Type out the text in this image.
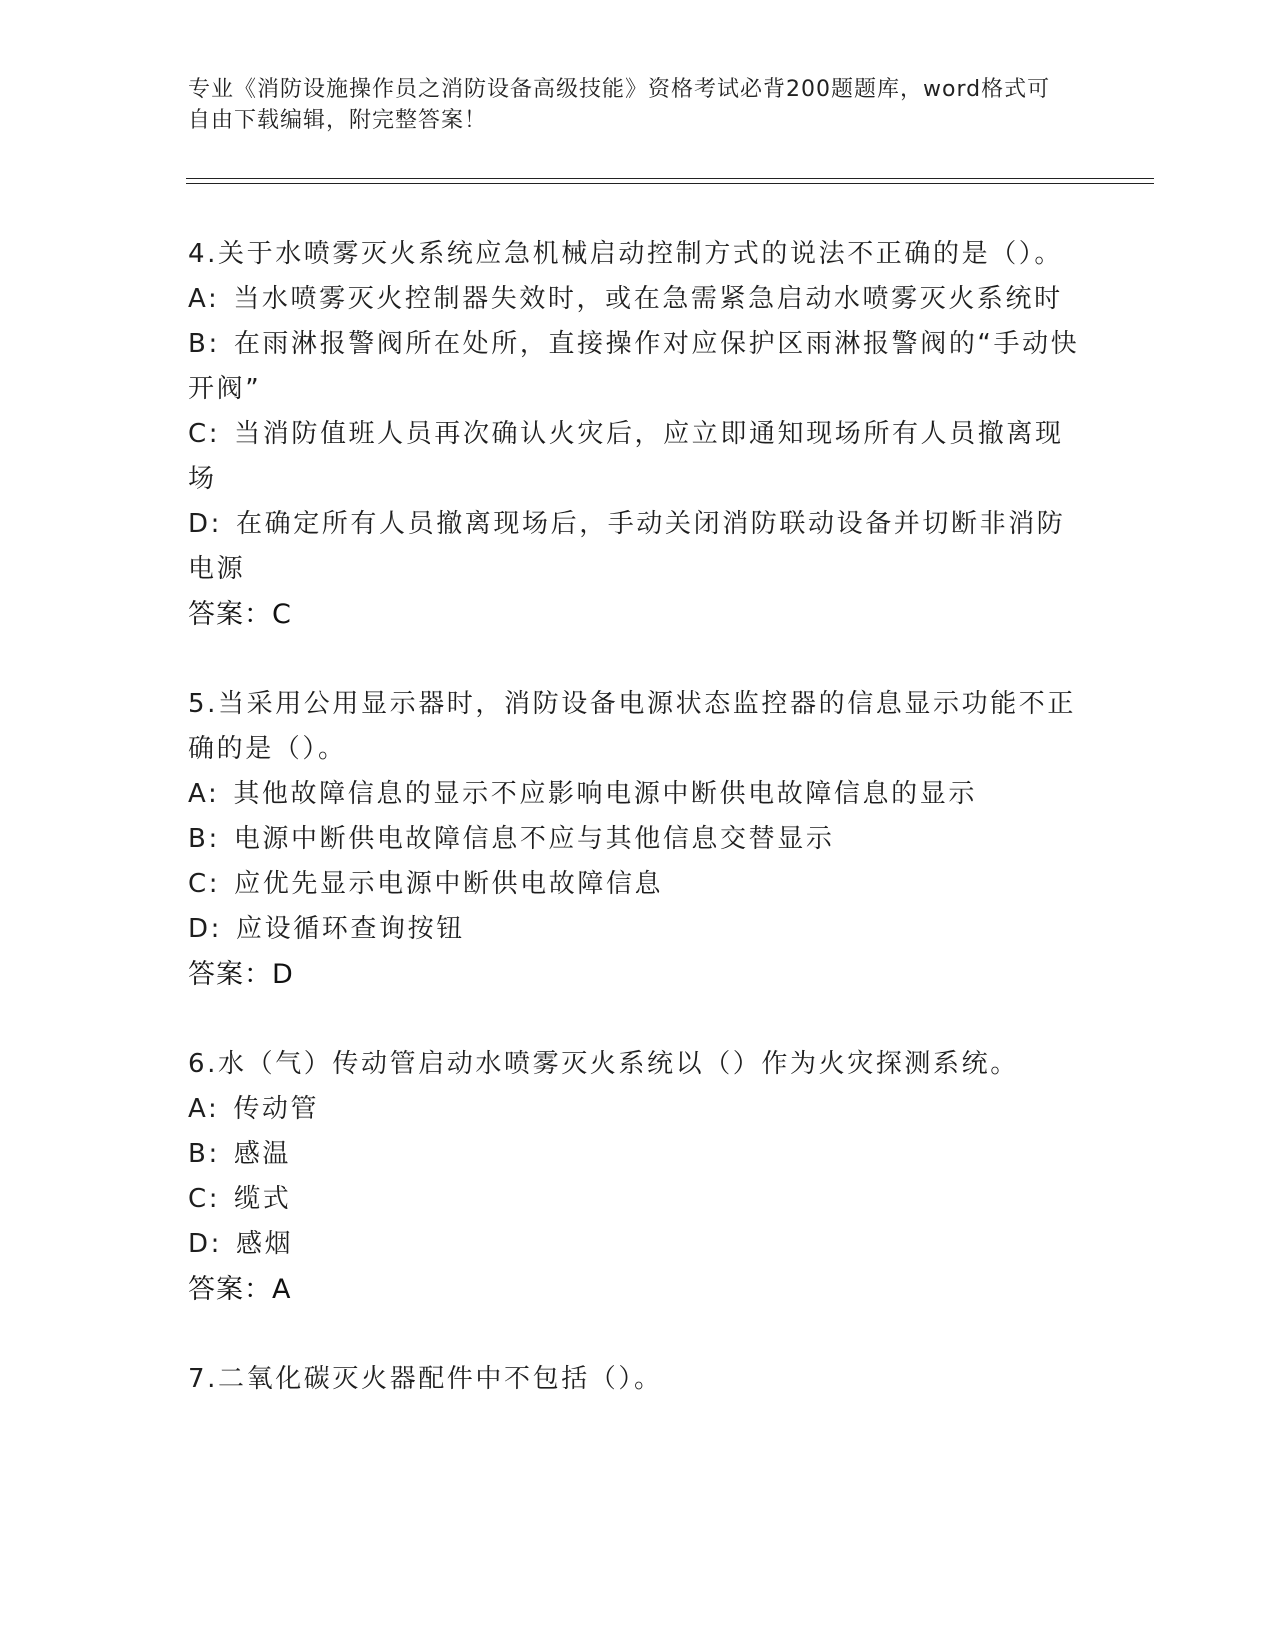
专业《消防设施操作员之消防设备高级技能》资格考试必背200题题库，word格式可自由下载编辑，附完整答案！
4.关于水喷雾灭火系统应急机械启动控制方式的说法不正确的是（）。
A: 当水喷雾灭火控制器失效时，或在急需紧急启动水喷雾灭火系统时
B: 在雨淋报警阀所在处所，直接操作对应保护区雨淋报警阀的“手动快开阀”
C: 当消防值班人员再次确认火灾后，应立即通知现场所有人员撤离现场
D: 在确定所有人员撤离现场后，手动关闭消防联动设备并切断非消防电源
答案：C
5.当采用公用显示器时，消防设备电源状态监控器的信息显示功能不正确的是（）。
A: 其他故障信息的显示不应影响电源中断供电故障信息的显示
B: 电源中断供电故障信息不应与其他信息交替显示
C: 应优先显示电源中断供电故障信息
D: 应设循环查询按钮
答案：D
6.水（气）传动管启动水喷雾灭火系统以（）作为火灾探测系统。
A: 传动管
B: 感温
C: 缆式
D: 感烟
答案：A
7.二氧化碳灭火器配件中不包括（）。
